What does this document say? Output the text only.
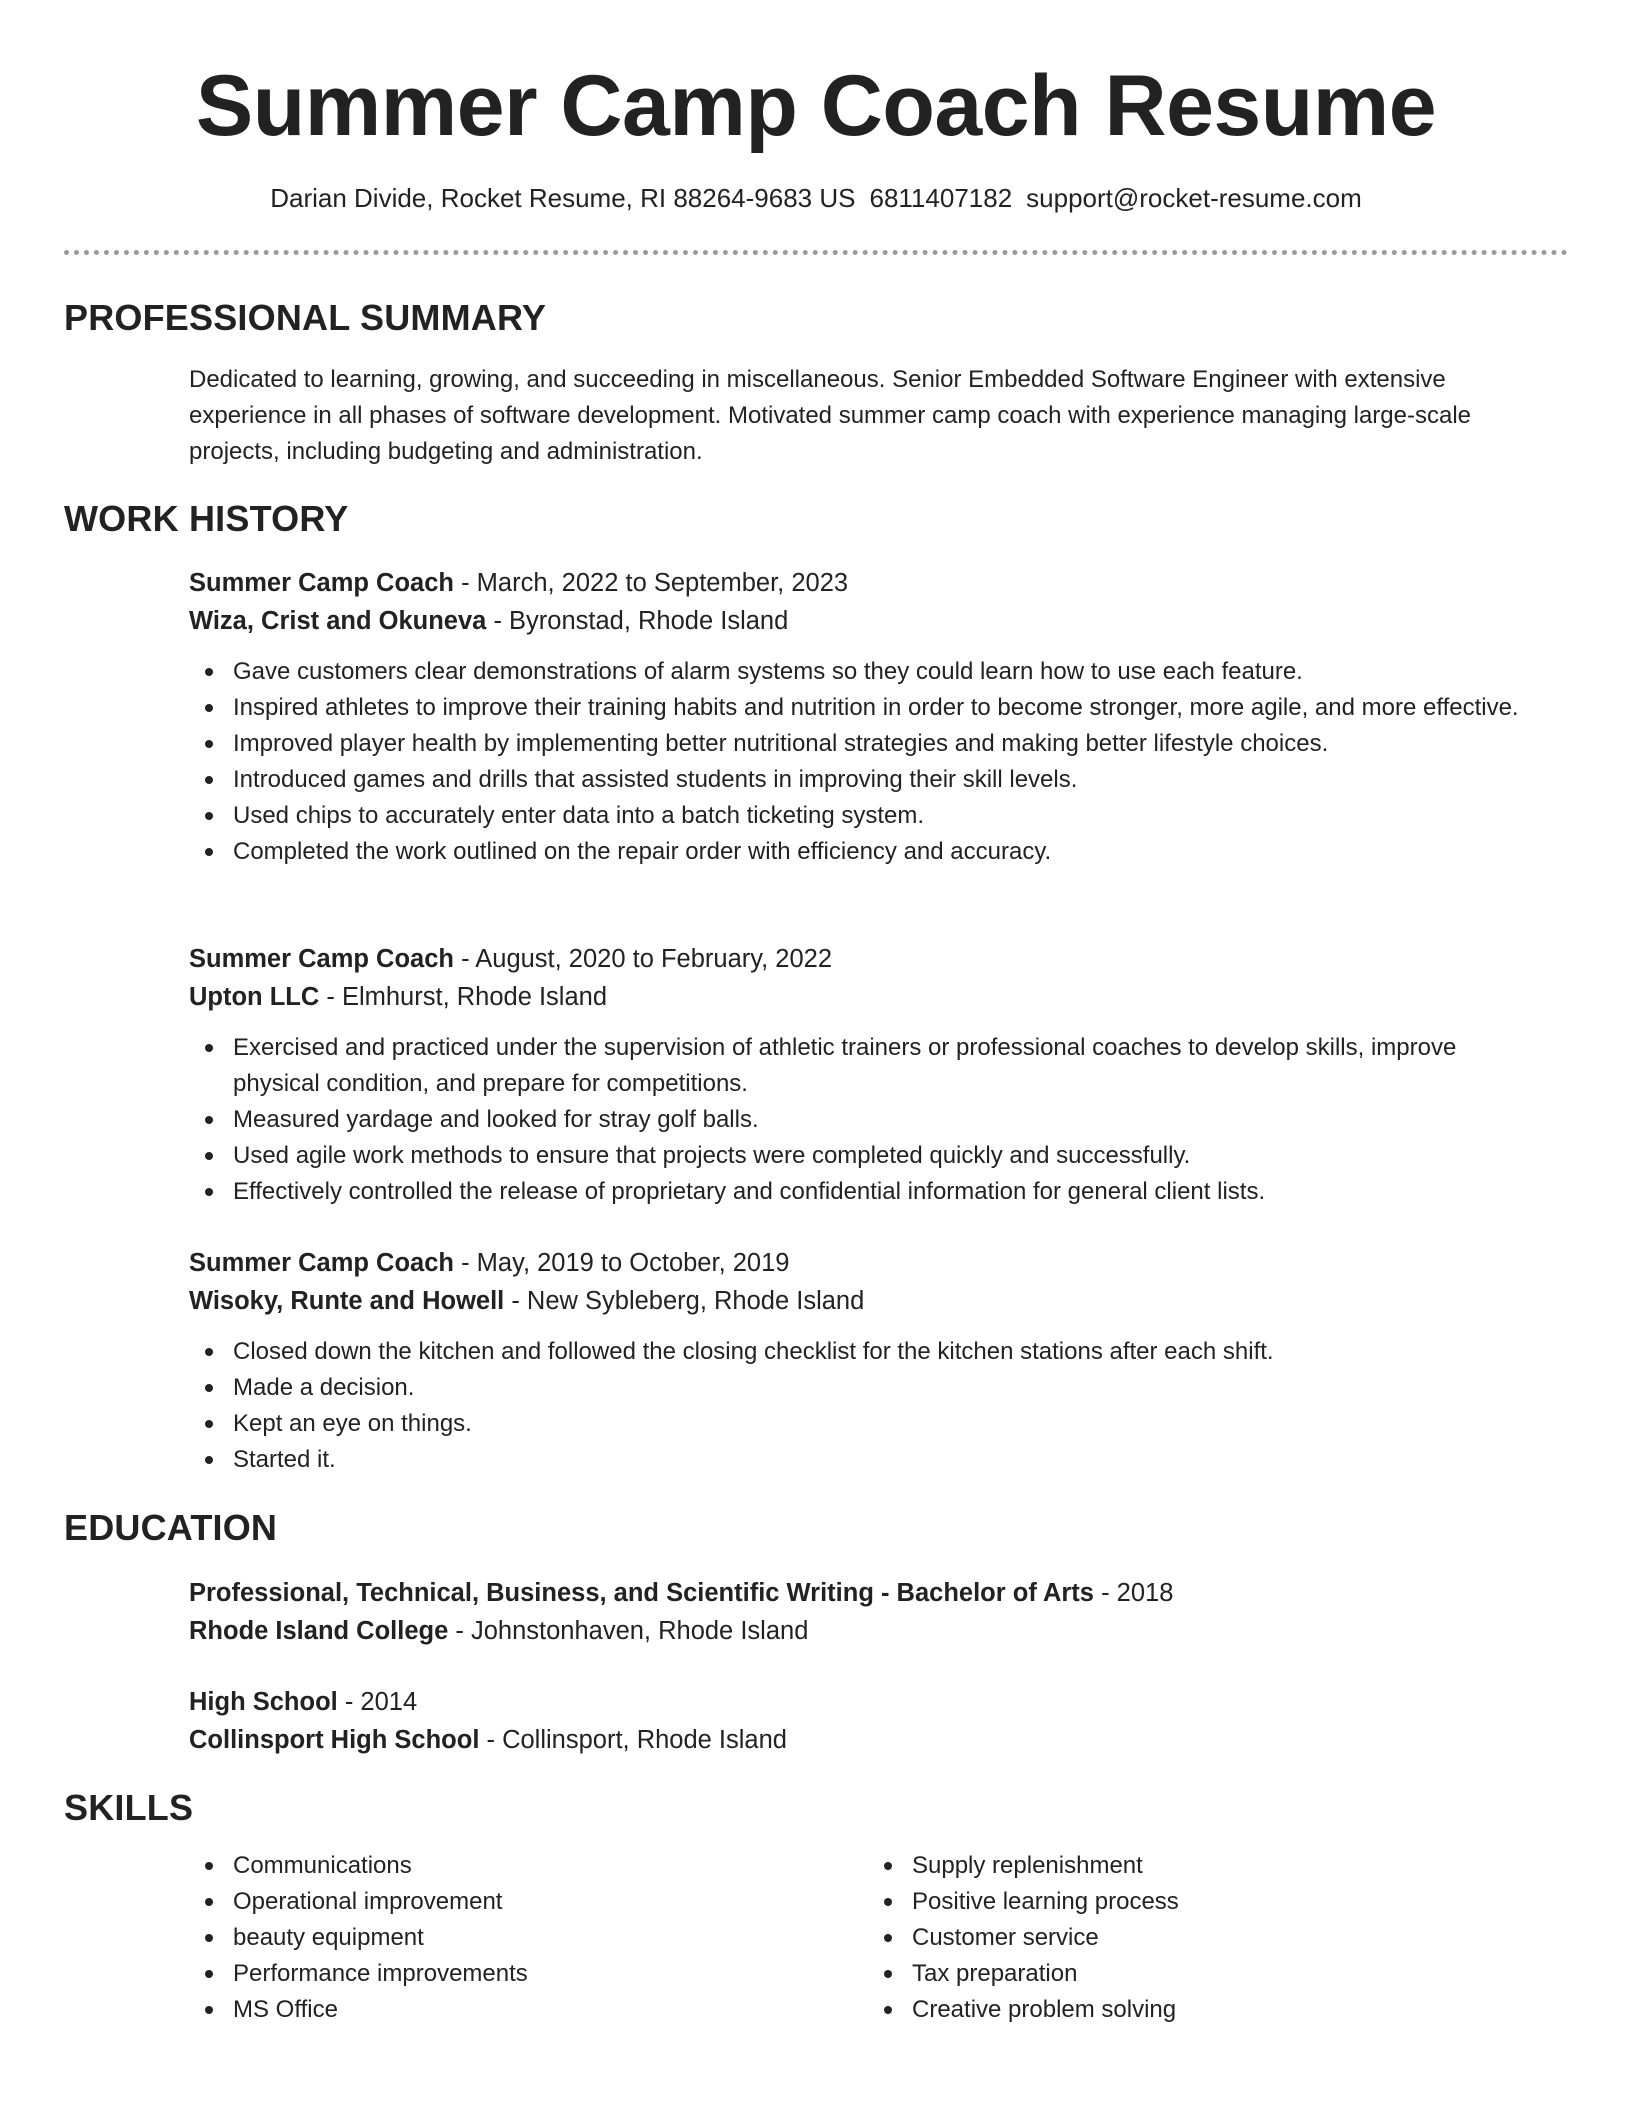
Summer Camp Coach Resume
Darian Divide, Rocket Resume, RI 88264-9683 US 6811407182 support@rocket-resume.com
PROFESSIONAL SUMMARY

Dedicated to learning, growing, and succeeding in miscellaneous. Senior Embedded Software Engineer with extensive experience in all phases of software development. Motivated summer camp coach with experience managing large-scale projects, including budgeting and administration.

WORK HISTORY
Summer Camp Coach - March, 2022 to September, 2023
Wiza, Crist and Okuneva - Byronstad, Rhode Island
Gave customers clear demonstrations of alarm systems so they could learn how to use each feature.
Inspired athletes to improve their training habits and nutrition in order to become stronger, more agile, and more effective.
Improved player health by implementing better nutritional strategies and making better lifestyle choices.
Introduced games and drills that assisted students in improving their skill levels.
Used chips to accurately enter data into a batch ticketing system.
Completed the work outlined on the repair order with efficiency and accuracy.
Summer Camp Coach - August, 2020 to February, 2022
Upton LLC - Elmhurst, Rhode Island
Exercised and practiced under the supervision of athletic trainers or professional coaches to develop skills, improve physical condition, and prepare for competitions.
Measured yardage and looked for stray golf balls.
Used agile work methods to ensure that projects were completed quickly and successfully.
Effectively controlled the release of proprietary and confidential information for general client lists.
Summer Camp Coach - May, 2019 to October, 2019
Wisoky, Runte and Howell - New Sybleberg, Rhode Island
Closed down the kitchen and followed the closing checklist for the kitchen stations after each shift.
Made a decision.
Kept an eye on things.
Started it.
EDUCATION
Professional, Technical, Business, and Scientific Writing - Bachelor of Arts - 2018
Rhode Island College - Johnstonhaven, Rhode Island
High School - 2014
Collinsport High School - Collinsport, Rhode Island
SKILLS
Communications
Operational improvement
beauty equipment
Performance improvements
MS Office
Supply replenishment
Positive learning process
Customer service
Tax preparation
Creative problem solving
